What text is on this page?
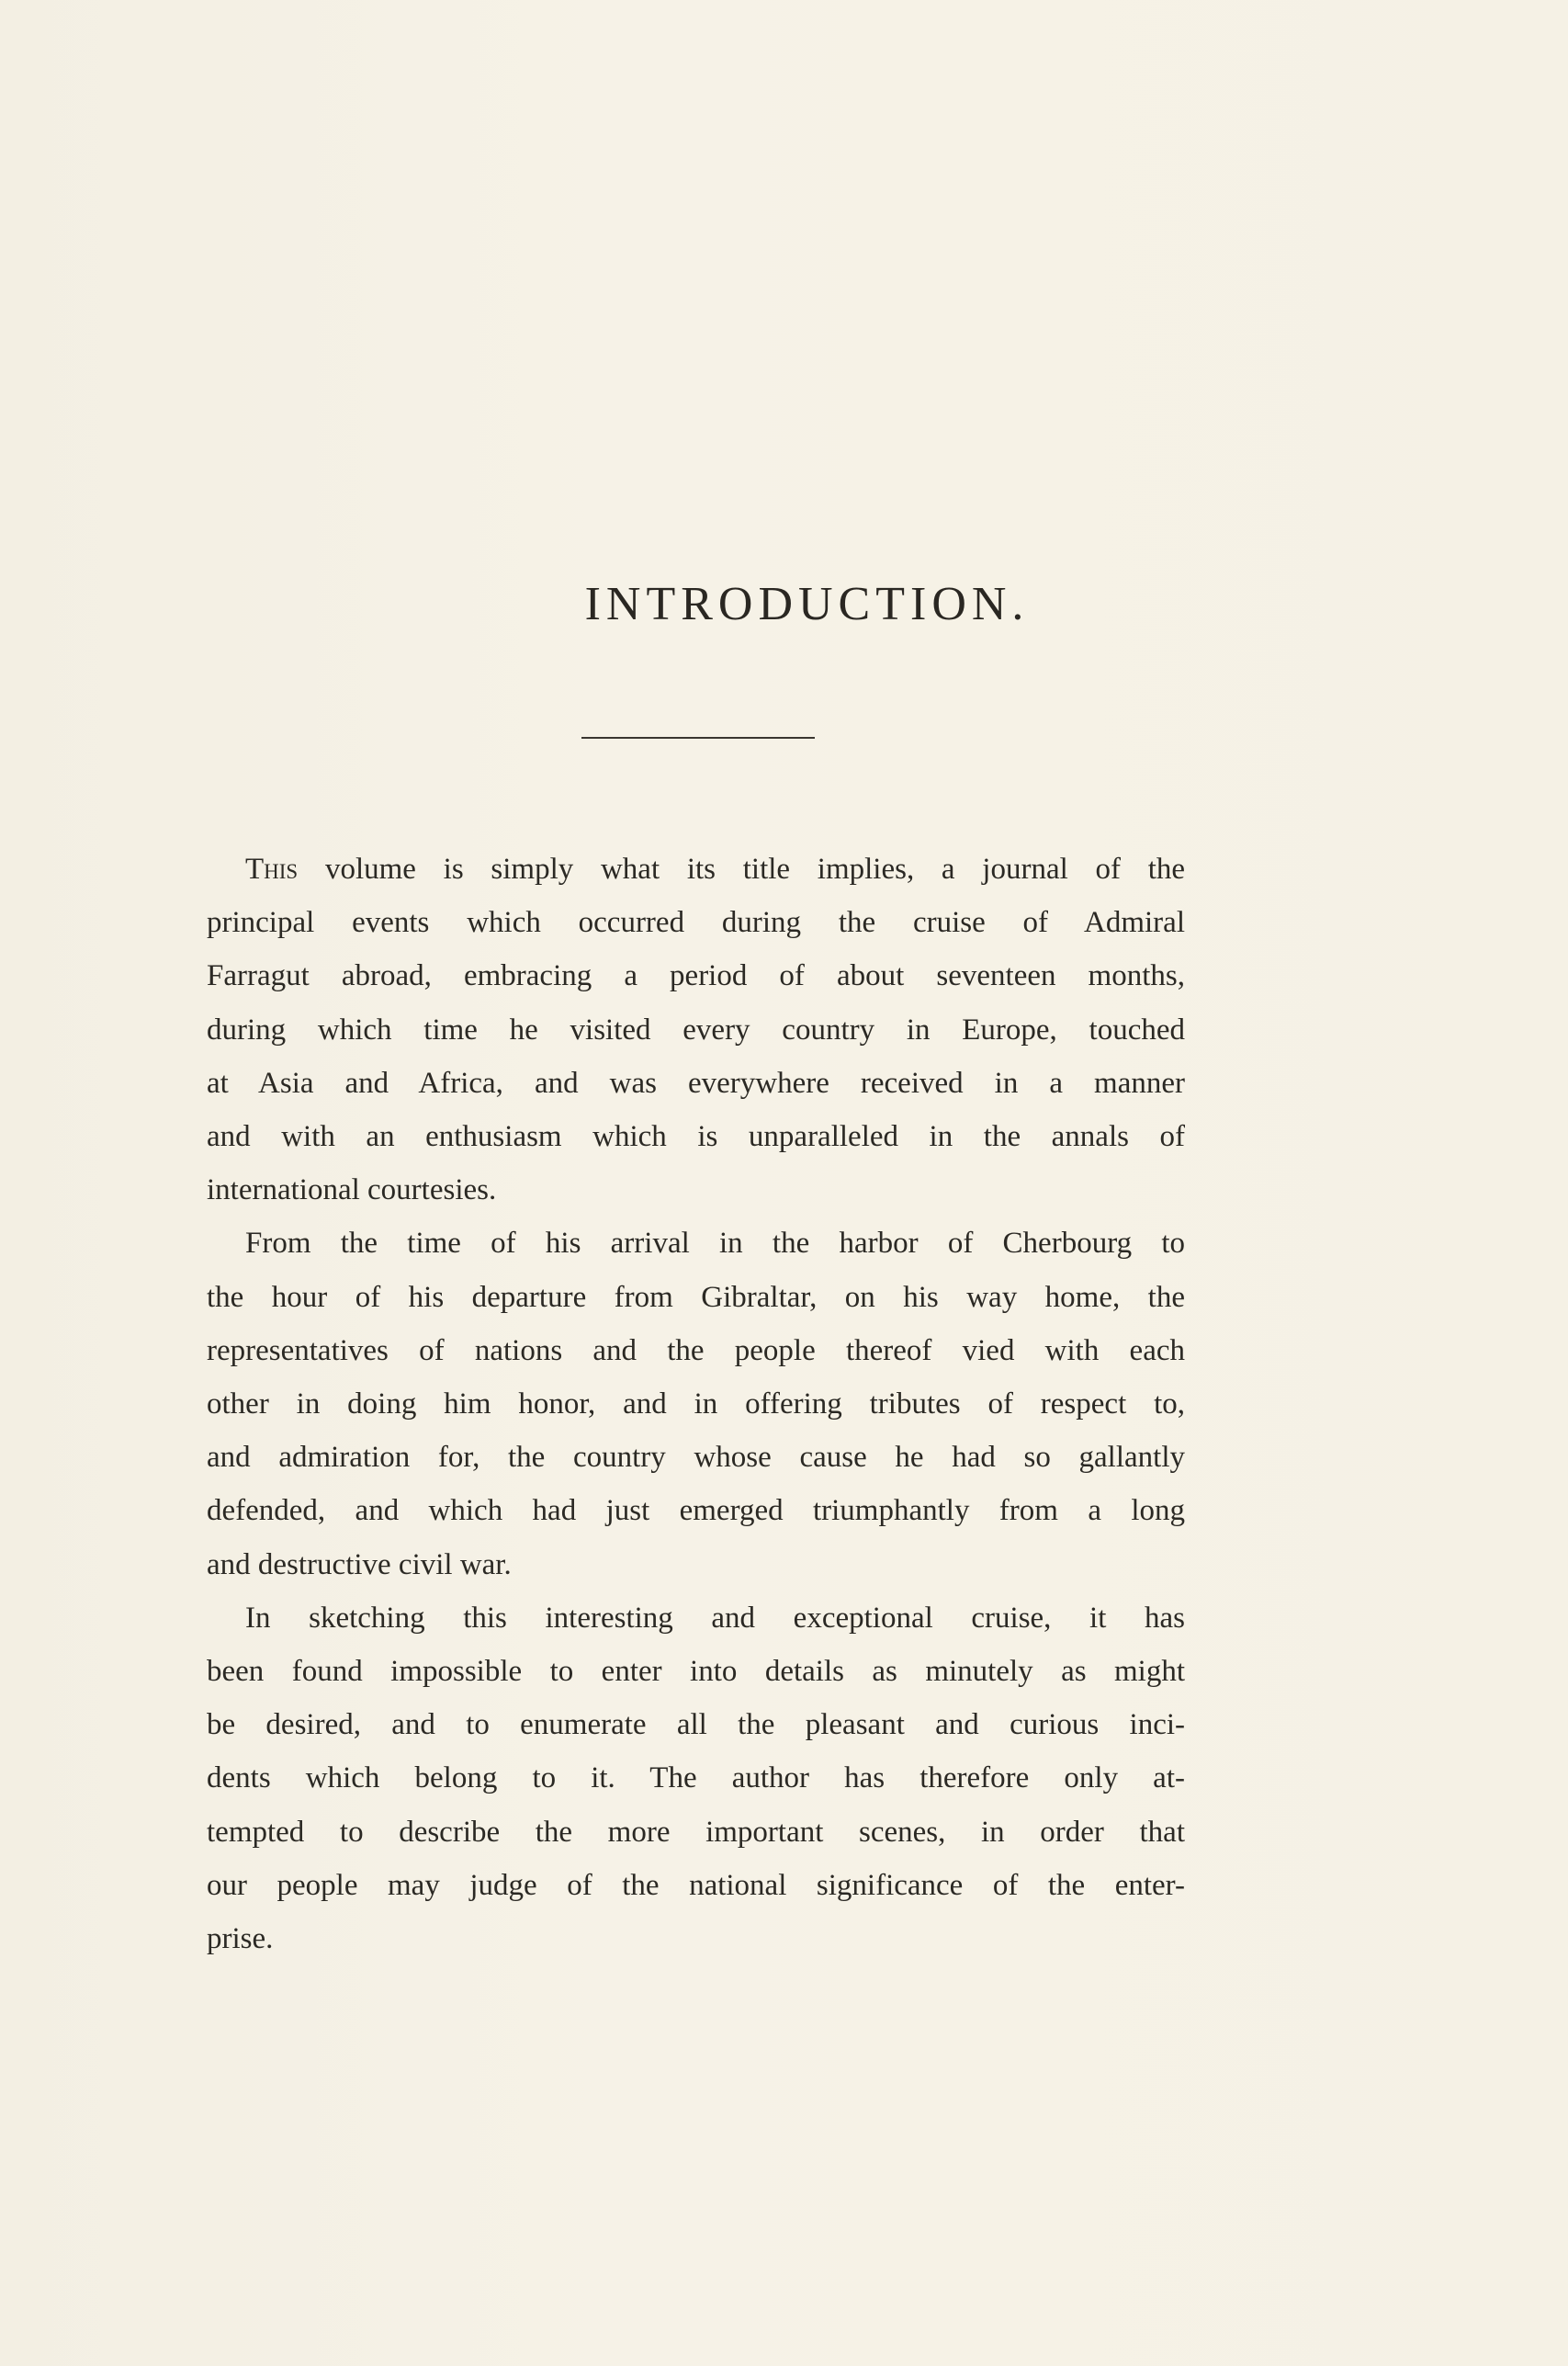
INTRODUCTION.

This volume is simply what its title implies, a journal of the
principal events which occurred during the cruise of Admiral
Farragut abroad, embracing a period of about seventeen months,
during which time he visited every country in Europe, touched
at Asia and Africa, and was everywhere received in a manner
and with an enthusiasm which is unparalleled in the annals of
international courtesies.

From the time of his arrival in the harbor of Cherbourg to
the hour of his departure from Gibraltar, on his way home, the
representatives of nations and the people thereof vied with each
other in doing him honor, and in offering tributes of respect to,
and admiration for, the country whose cause he had so gallantly
defended, and which had just emerged triumphantly from a long
and destructive civil war.

In sketching this interesting and exceptional cruise, it has
been found impossible to enter into details as minutely as might
be desired, and to enumerate all the pleasant and curious inci-
dents which belong to it. The author has therefore only at-
tempted to describe the more important scenes, in order that
our people may judge of the national significance of the enter-
prise.
